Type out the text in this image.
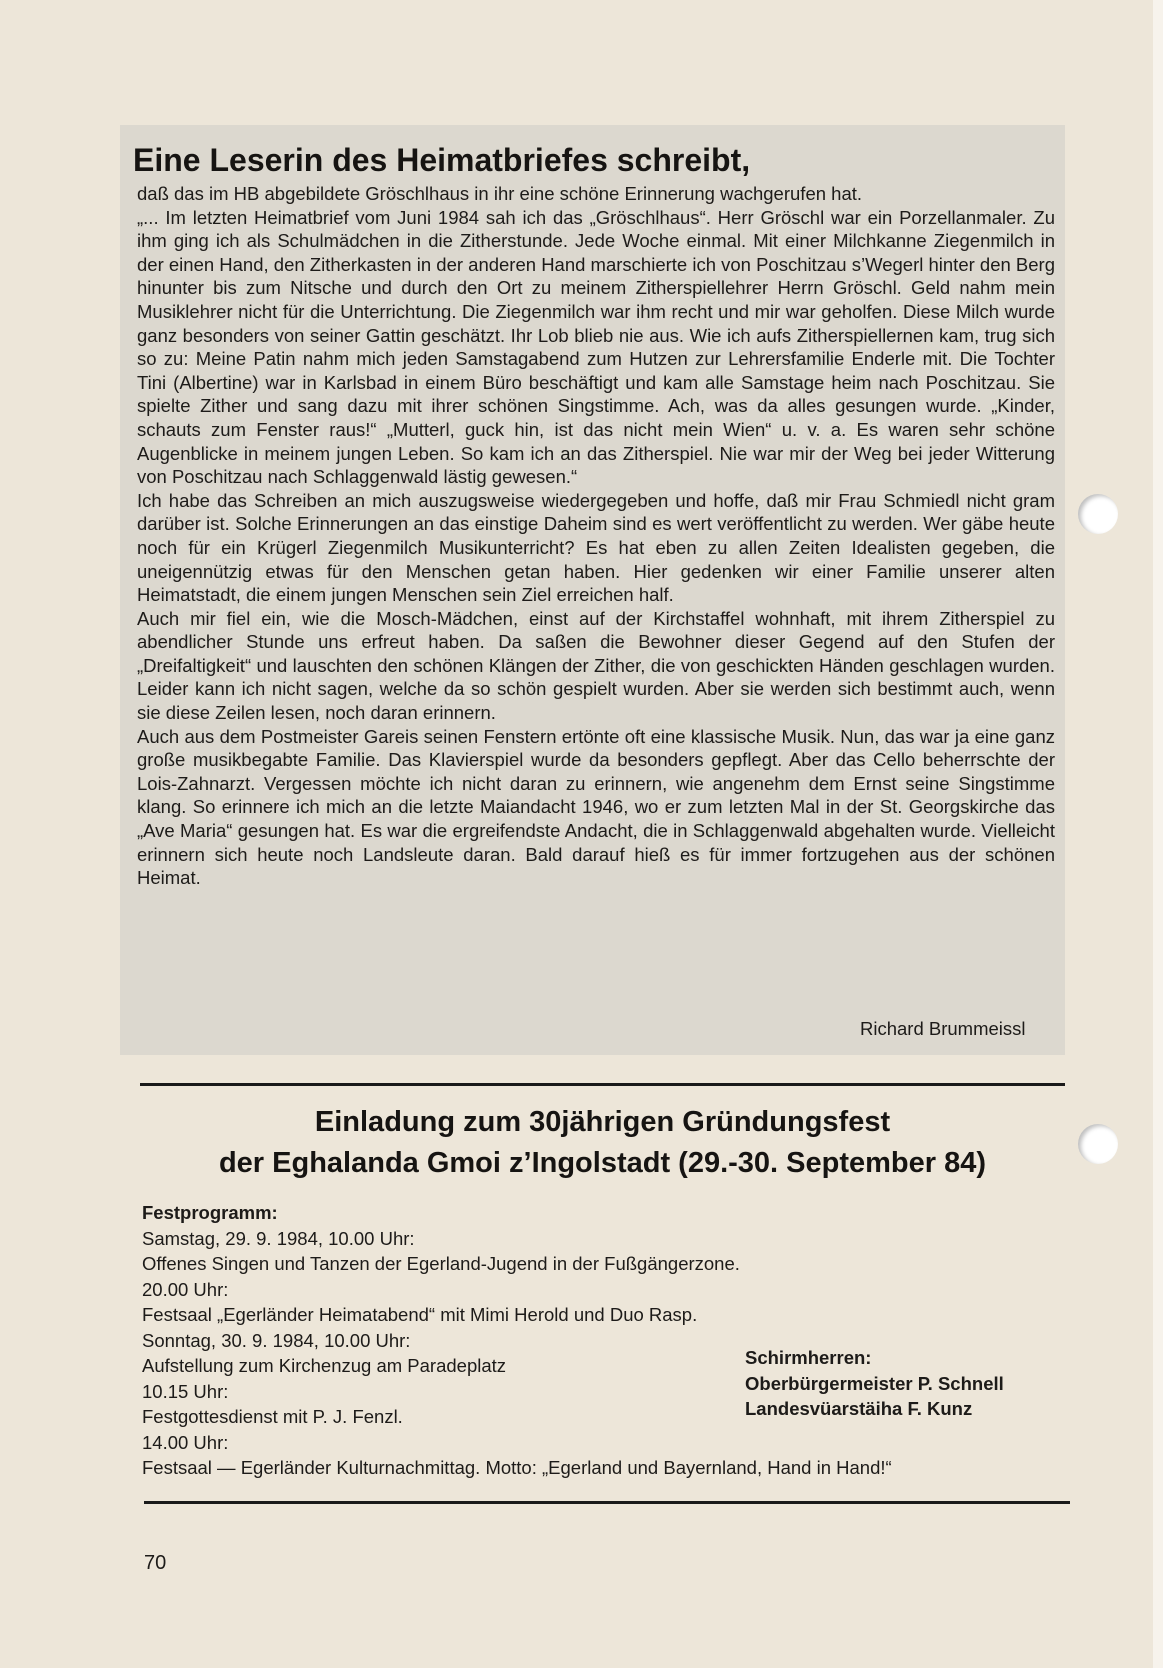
Eine Leserin des Heimatbriefes schreibt,

daß das im HB abgebildete Gröschlhaus in ihr eine schöne Erinnerung wachgerufen hat.

„... Im letzten Heimatbrief vom Juni 1984 sah ich das „Gröschlhaus“. Herr Gröschl war ein Porzellanmaler. Zu ihm ging ich als Schulmädchen in die Zitherstunde. Jede Woche einmal. Mit einer Milchkanne Ziegenmilch in der einen Hand, den Zitherkasten in der anderen Hand marschierte ich von Poschitzau s’Wegerl hinter den Berg hinunter bis zum Nitsche und durch den Ort zu meinem Zitherspiellehrer Herrn Gröschl. Geld nahm mein Musiklehrer nicht für die Unterrichtung. Die Ziegenmilch war ihm recht und mir war geholfen. Diese Milch wurde ganz besonders von seiner Gattin geschätzt. Ihr Lob blieb nie aus. Wie ich aufs Zitherspiellernen kam, trug sich so zu: Meine Patin nahm mich jeden Samstagabend zum Hutzen zur Lehrersfamilie Enderle mit. Die Tochter Tini (Albertine) war in Karlsbad in einem Büro beschäftigt und kam alle Samstage heim nach Poschitzau. Sie spielte Zither und sang dazu mit ihrer schönen Singstimme. Ach, was da alles gesungen wurde. „Kinder, schauts zum Fenster raus!“ „Mutterl, guck hin, ist das nicht mein Wien“ u. v. a. Es waren sehr schöne Augenblicke in meinem jungen Leben. So kam ich an das Zitherspiel. Nie war mir der Weg bei jeder Witterung von Poschitzau nach Schlaggenwald lästig gewesen.“

Ich habe das Schreiben an mich auszugsweise wiedergegeben und hoffe, daß mir Frau Schmiedl nicht gram darüber ist. Solche Erinnerungen an das einstige Daheim sind es wert veröffentlicht zu werden. Wer gäbe heute noch für ein Krügerl Ziegenmilch Musikunterricht? Es hat eben zu allen Zeiten Idealisten gegeben, die uneigennützig etwas für den Menschen getan haben. Hier gedenken wir einer Familie unserer alten Heimatstadt, die einem jungen Menschen sein Ziel erreichen half.

Auch mir fiel ein, wie die Mosch-Mädchen, einst auf der Kirchstaffel wohnhaft, mit ihrem Zitherspiel zu abendlicher Stunde uns erfreut haben. Da saßen die Bewohner dieser Gegend auf den Stufen der „Dreifaltigkeit“ und lauschten den schönen Klängen der Zither, die von geschickten Händen geschlagen wurden. Leider kann ich nicht sagen, welche da so schön gespielt wurden. Aber sie werden sich bestimmt auch, wenn sie diese Zeilen lesen, noch daran erinnern.

Auch aus dem Postmeister Gareis seinen Fenstern ertönte oft eine klassische Musik. Nun, das war ja eine ganz große musikbegabte Familie. Das Klavierspiel wurde da besonders gepflegt. Aber das Cello beherrschte der Lois-Zahnarzt. Vergessen möchte ich nicht daran zu erinnern, wie angenehm dem Ernst seine Singstimme klang. So erinnere ich mich an die letzte Maiandacht 1946, wo er zum letzten Mal in der St. Georgskirche das „Ave Maria“ gesungen hat. Es war die ergreifendste Andacht, die in Schlaggenwald abgehalten wurde. Vielleicht erinnern sich heute noch Landsleute daran. Bald darauf hieß es für immer fortzugehen aus der schönen Heimat.

Richard Brummeissl
Einladung zum 30jährigen Gründungsfest
der Eghalanda Gmoi z’Ingolstadt (29.-30. September 84)
Festprogramm:
Samstag, 29. 9. 1984, 10.00 Uhr:
Offenes Singen und Tanzen der Egerland-Jugend in der Fußgängerzone.
20.00 Uhr:
Festsaal „Egerländer Heimatabend“ mit Mimi Herold und Duo Rasp.
Sonntag, 30. 9. 1984, 10.00 Uhr:
Aufstellung zum Kirchenzug am Paradeplatz
10.15 Uhr:
Festgottesdienst mit P. J. Fenzl.
14.00 Uhr:
Festsaal — Egerländer Kulturnachmittag. Motto: „Egerland und Bayernland, Hand in Hand!“
Schirmherren:
Oberbürgermeister P. Schnell
Landesvüarstäiha F. Kunz
70
